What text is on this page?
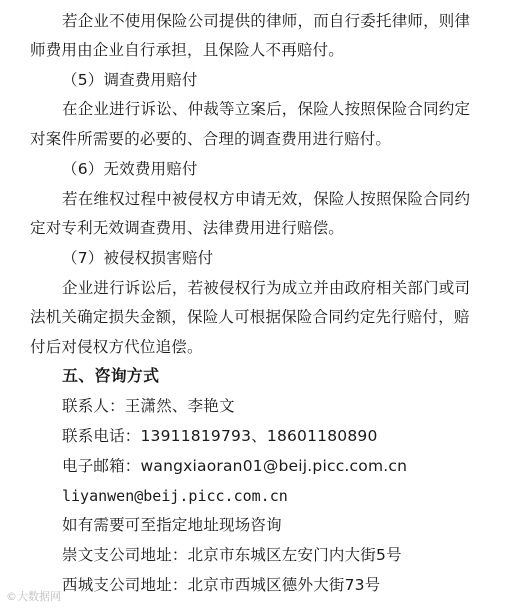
若企业不使用保险公司提供的律师，而自行委托律师，则律
师费用由企业自行承担，且保险人不再赔付。
（5）调查费用赔付
在企业进行诉讼、仲裁等立案后，保险人按照保险合同约定
对案件所需要的必要的、合理的调查费用进行赔付。
（6）无效费用赔付
若在维权过程中被侵权方申请无效，保险人按照保险合同约
定对专利无效调查费用、法律费用进行赔偿。
（7）被侵权损害赔付
企业进行诉讼后，若被侵权行为成立并由政府相关部门或司
法机关确定损失金额，保险人可根据保险合同约定先行赔付，赔
付后对侵权方代位追偿。
五、咨询方式
联系人：王潇然、李艳文
联系电话：13911819793、18601180890
电子邮箱：wangxiaoran01@beij.picc.com.cn
liyanwen@beij.picc.com.cn
如有需要可至指定地址现场咨询
崇文支公司地址：北京市东城区左安门内大街5号
西城支公司地址：北京市西城区德外大街73号
©大数据网
